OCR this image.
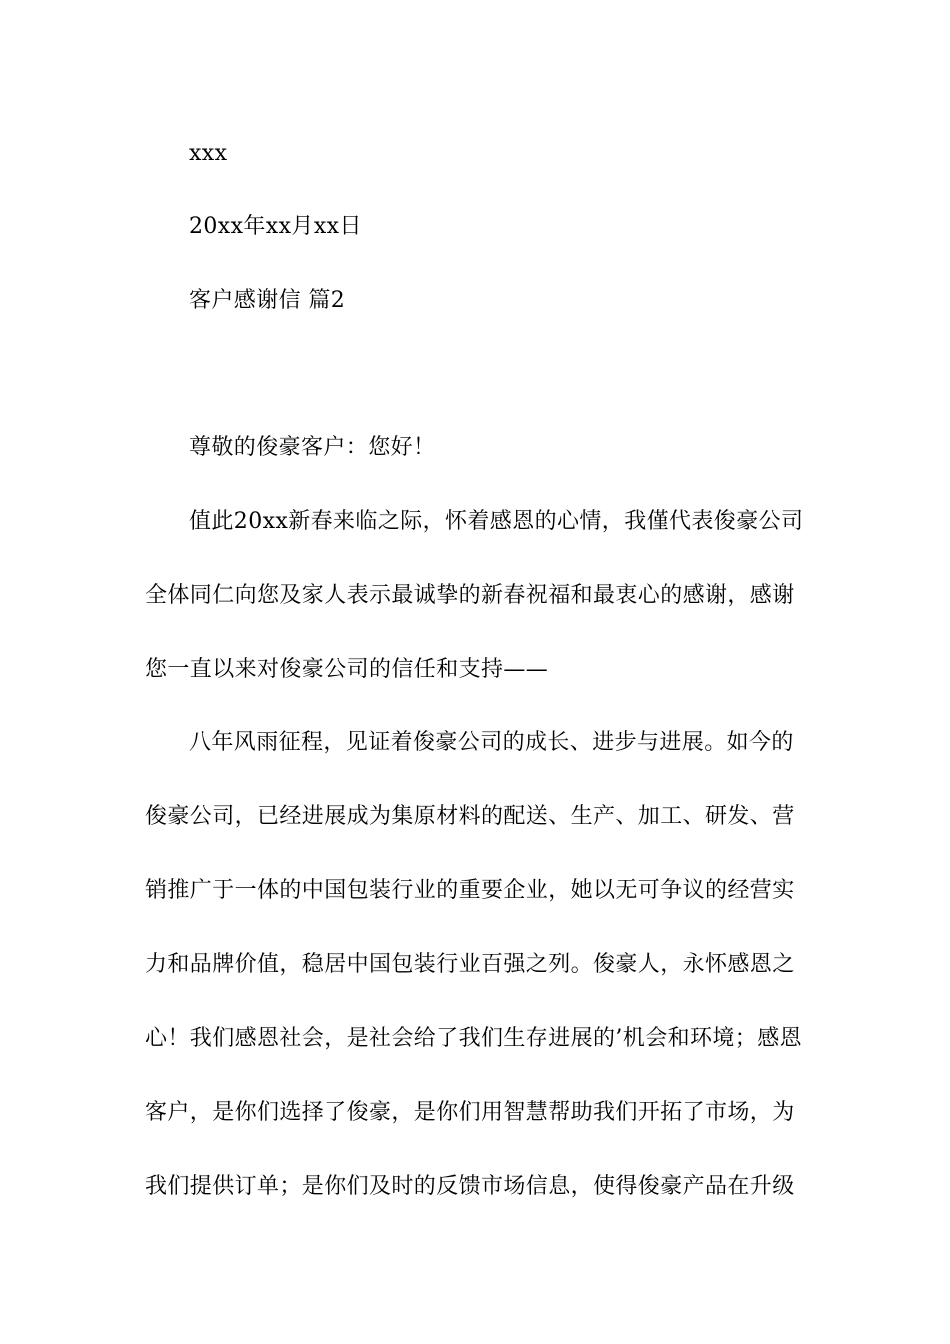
xxx
20xx年xx月xx日
客户感谢信 篇2
尊敬的俊豪客户：您好！
值此20xx新春来临之际，怀着感恩的心情，我僅代表俊豪公司
全体同仁向您及家人表示最诚挚的新春祝福和最衷心的感谢，感谢
您一直以来对俊豪公司的信任和支持——
八年风雨征程，见证着俊豪公司的成长、进步与进展。如今的
俊豪公司，已经进展成为集原材料的配送、生产、加工、研发、营
销推广于一体的中国包装行业的重要企业，她以无可争议的经营实
力和品牌价值，稳居中国包装行业百强之列。俊豪人，永怀感恩之
心！我们感恩社会，是社会给了我们生存进展的’机会和环境；感恩
客户，是你们选择了俊豪，是你们用智慧帮助我们开拓了市场，为
我们提供订单；是你们及时的反馈市场信息，使得俊豪产品在升级
